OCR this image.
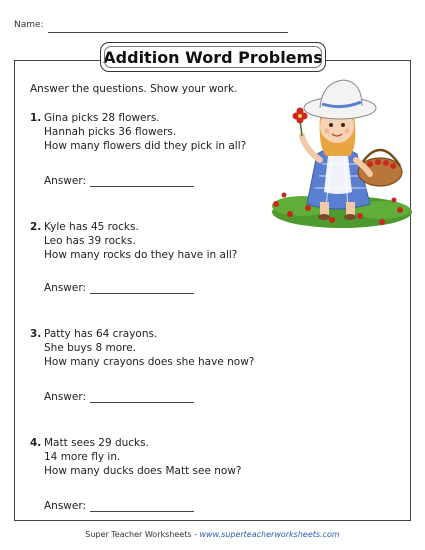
Name:
Addition Word Problems
Answer the questions. Show your work.
1. Gina picks 28 flowers.
Hannah picks 36 flowers.
How many flowers did they pick in all?
Answer:
2. Kyle has 45 rocks.
Leo has 39 rocks.
How many rocks do they have in all?
Answer:
3. Patty has 64 crayons.
She buys 8 more.
How many crayons does she have now?
Answer:
4. Matt sees 29 ducks.
14 more fly in.
How many ducks does Matt see now?
Answer:
Super Teacher Worksheets - www.superteacherworksheets.com
